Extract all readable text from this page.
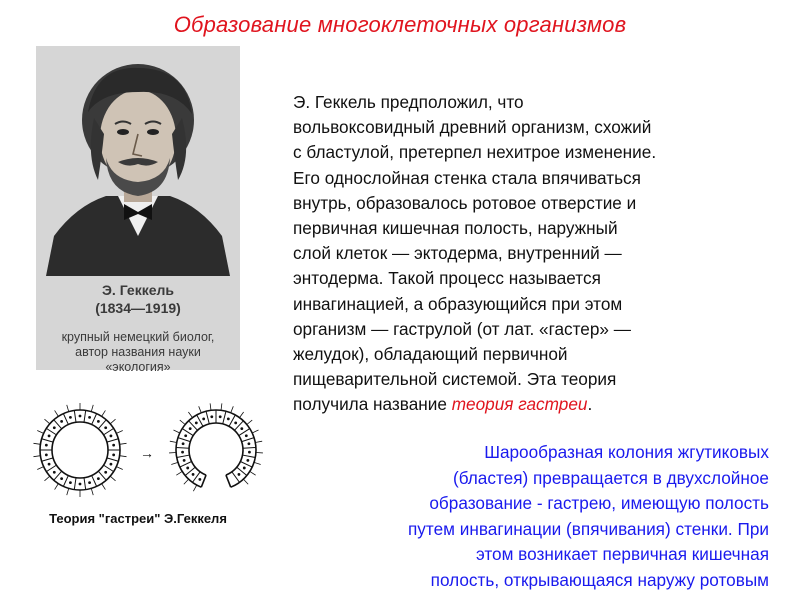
Образование многоклеточных организмов
Э. Геккель
(1834—1919)
крупный немецкий биолог,
автор названия науки
«экология»
Э. Геккель предположил, что
вольвоксовидный древний организм, схожий
с бластулой, претерпел нехитрое изменение.
Его однослойная стенка стала впячиваться
внутрь, образовалось ротовое отверстие и
первичная кишечная полость, наружный
слой клеток — эктодерма, внутренний —
энтодерма. Такой процесс называется
инвагинацией, а образующийся при этом
организм — гаструлой (от лат. «гастер» —
желудок), обладающий первичной
пищеварительной системой. Эта теория
получила название теория гастреи.
→
Теория "гастреи" Э.Геккеля
Шарообразная колония жгутиковых
(бластея) превращается в двухслойное
образование - гастрею, имеющую полость
путем инвагинации (впячивания) стенки. При
этом возникает первичная кишечная
полость, открывающаяся наружу ротовым
